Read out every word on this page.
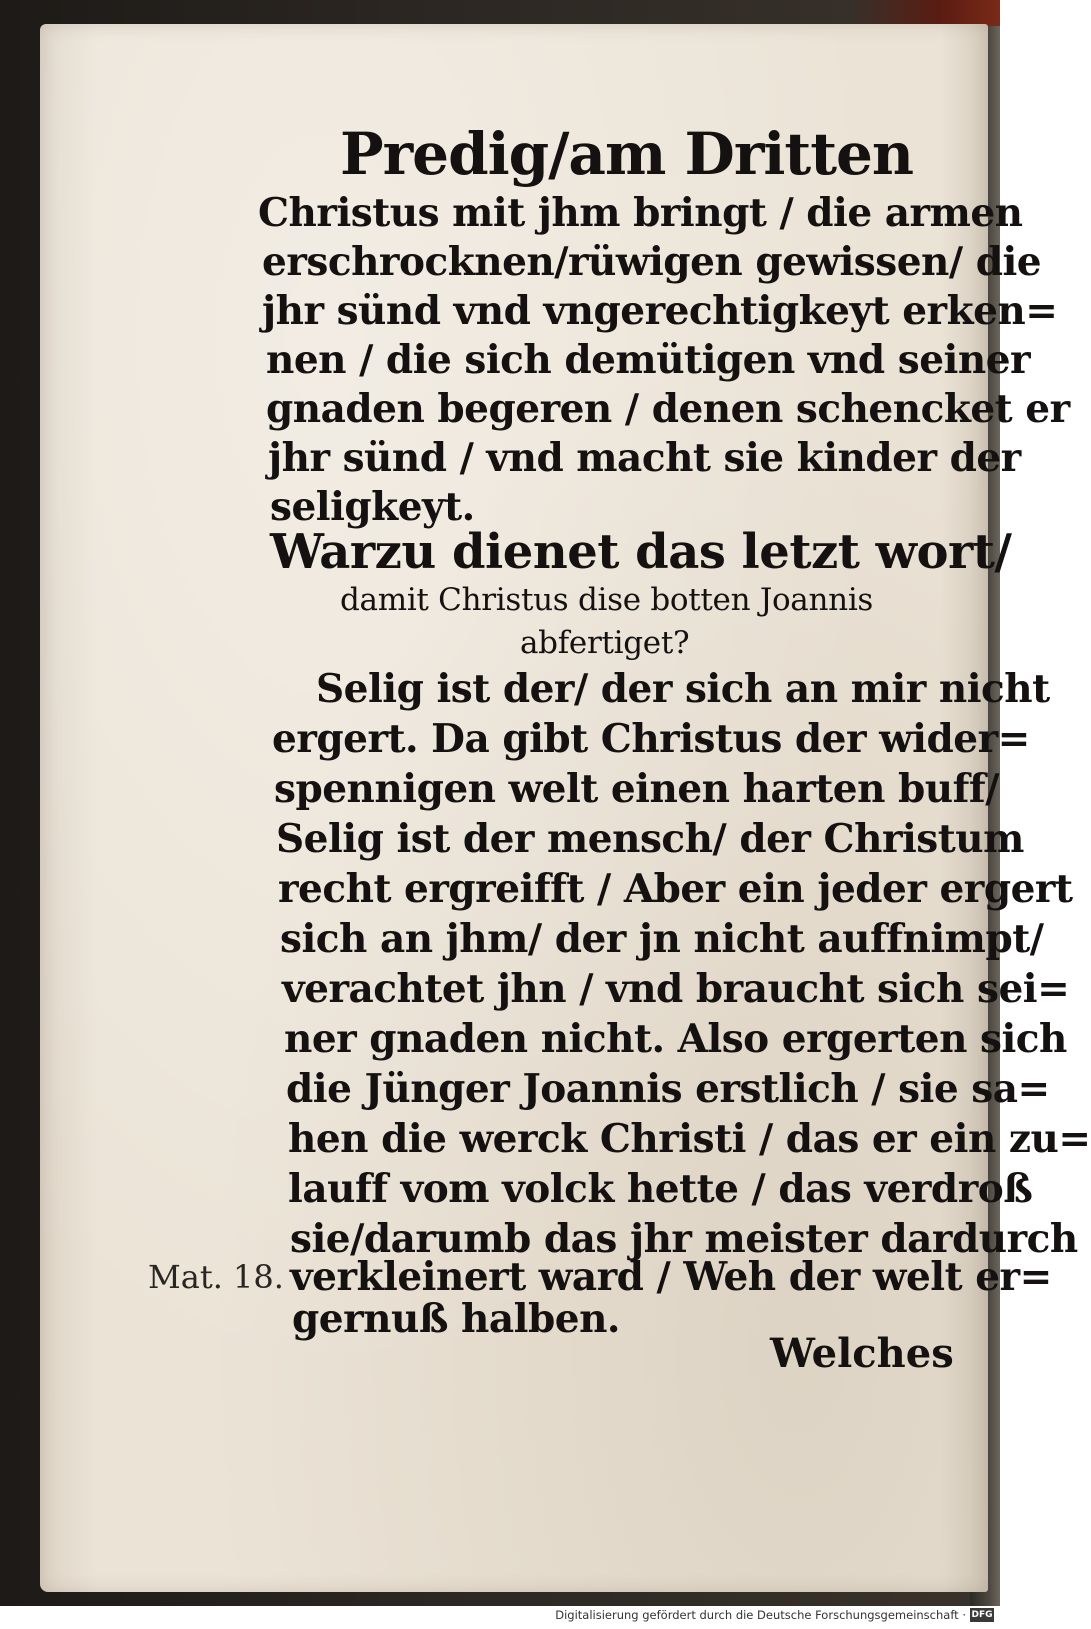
Predig/am Dritten
Christus mit jhm bringt / die armen
erschrocknen/rüwigen gewissen/ die
jhr sünd vnd vngerechtigkeyt erken=
nen / die sich demütigen vnd seiner
gnaden begeren / denen schencket er
jhr sünd / vnd macht sie kinder der
seligkeyt.
Warzu dienet das letzt wort/
damit Christus dise botten Joannis
abfertiget?
Selig ist der/ der sich an mir nicht
ergert. Da gibt Christus der wider=
spennigen welt einen harten buff/
Selig ist der mensch/ der Christum
recht ergreifft / Aber ein jeder ergert
sich an jhm/ der jn nicht auffnimpt/
verachtet jhn / vnd braucht sich sei=
ner gnaden nicht. Also ergerten sich
die Jünger Joannis erstlich / sie sa=
hen die werck Christi / das er ein zu=
lauff vom volck hette / das verdroß
sie/darumb das jhr meister dardurch
verkleinert ward / Weh der welt er=
gernuß halben.
Mat. 18.
Welches
Digitalisierung gefördert durch die Deutsche Forschungsgemeinschaft · DFG
